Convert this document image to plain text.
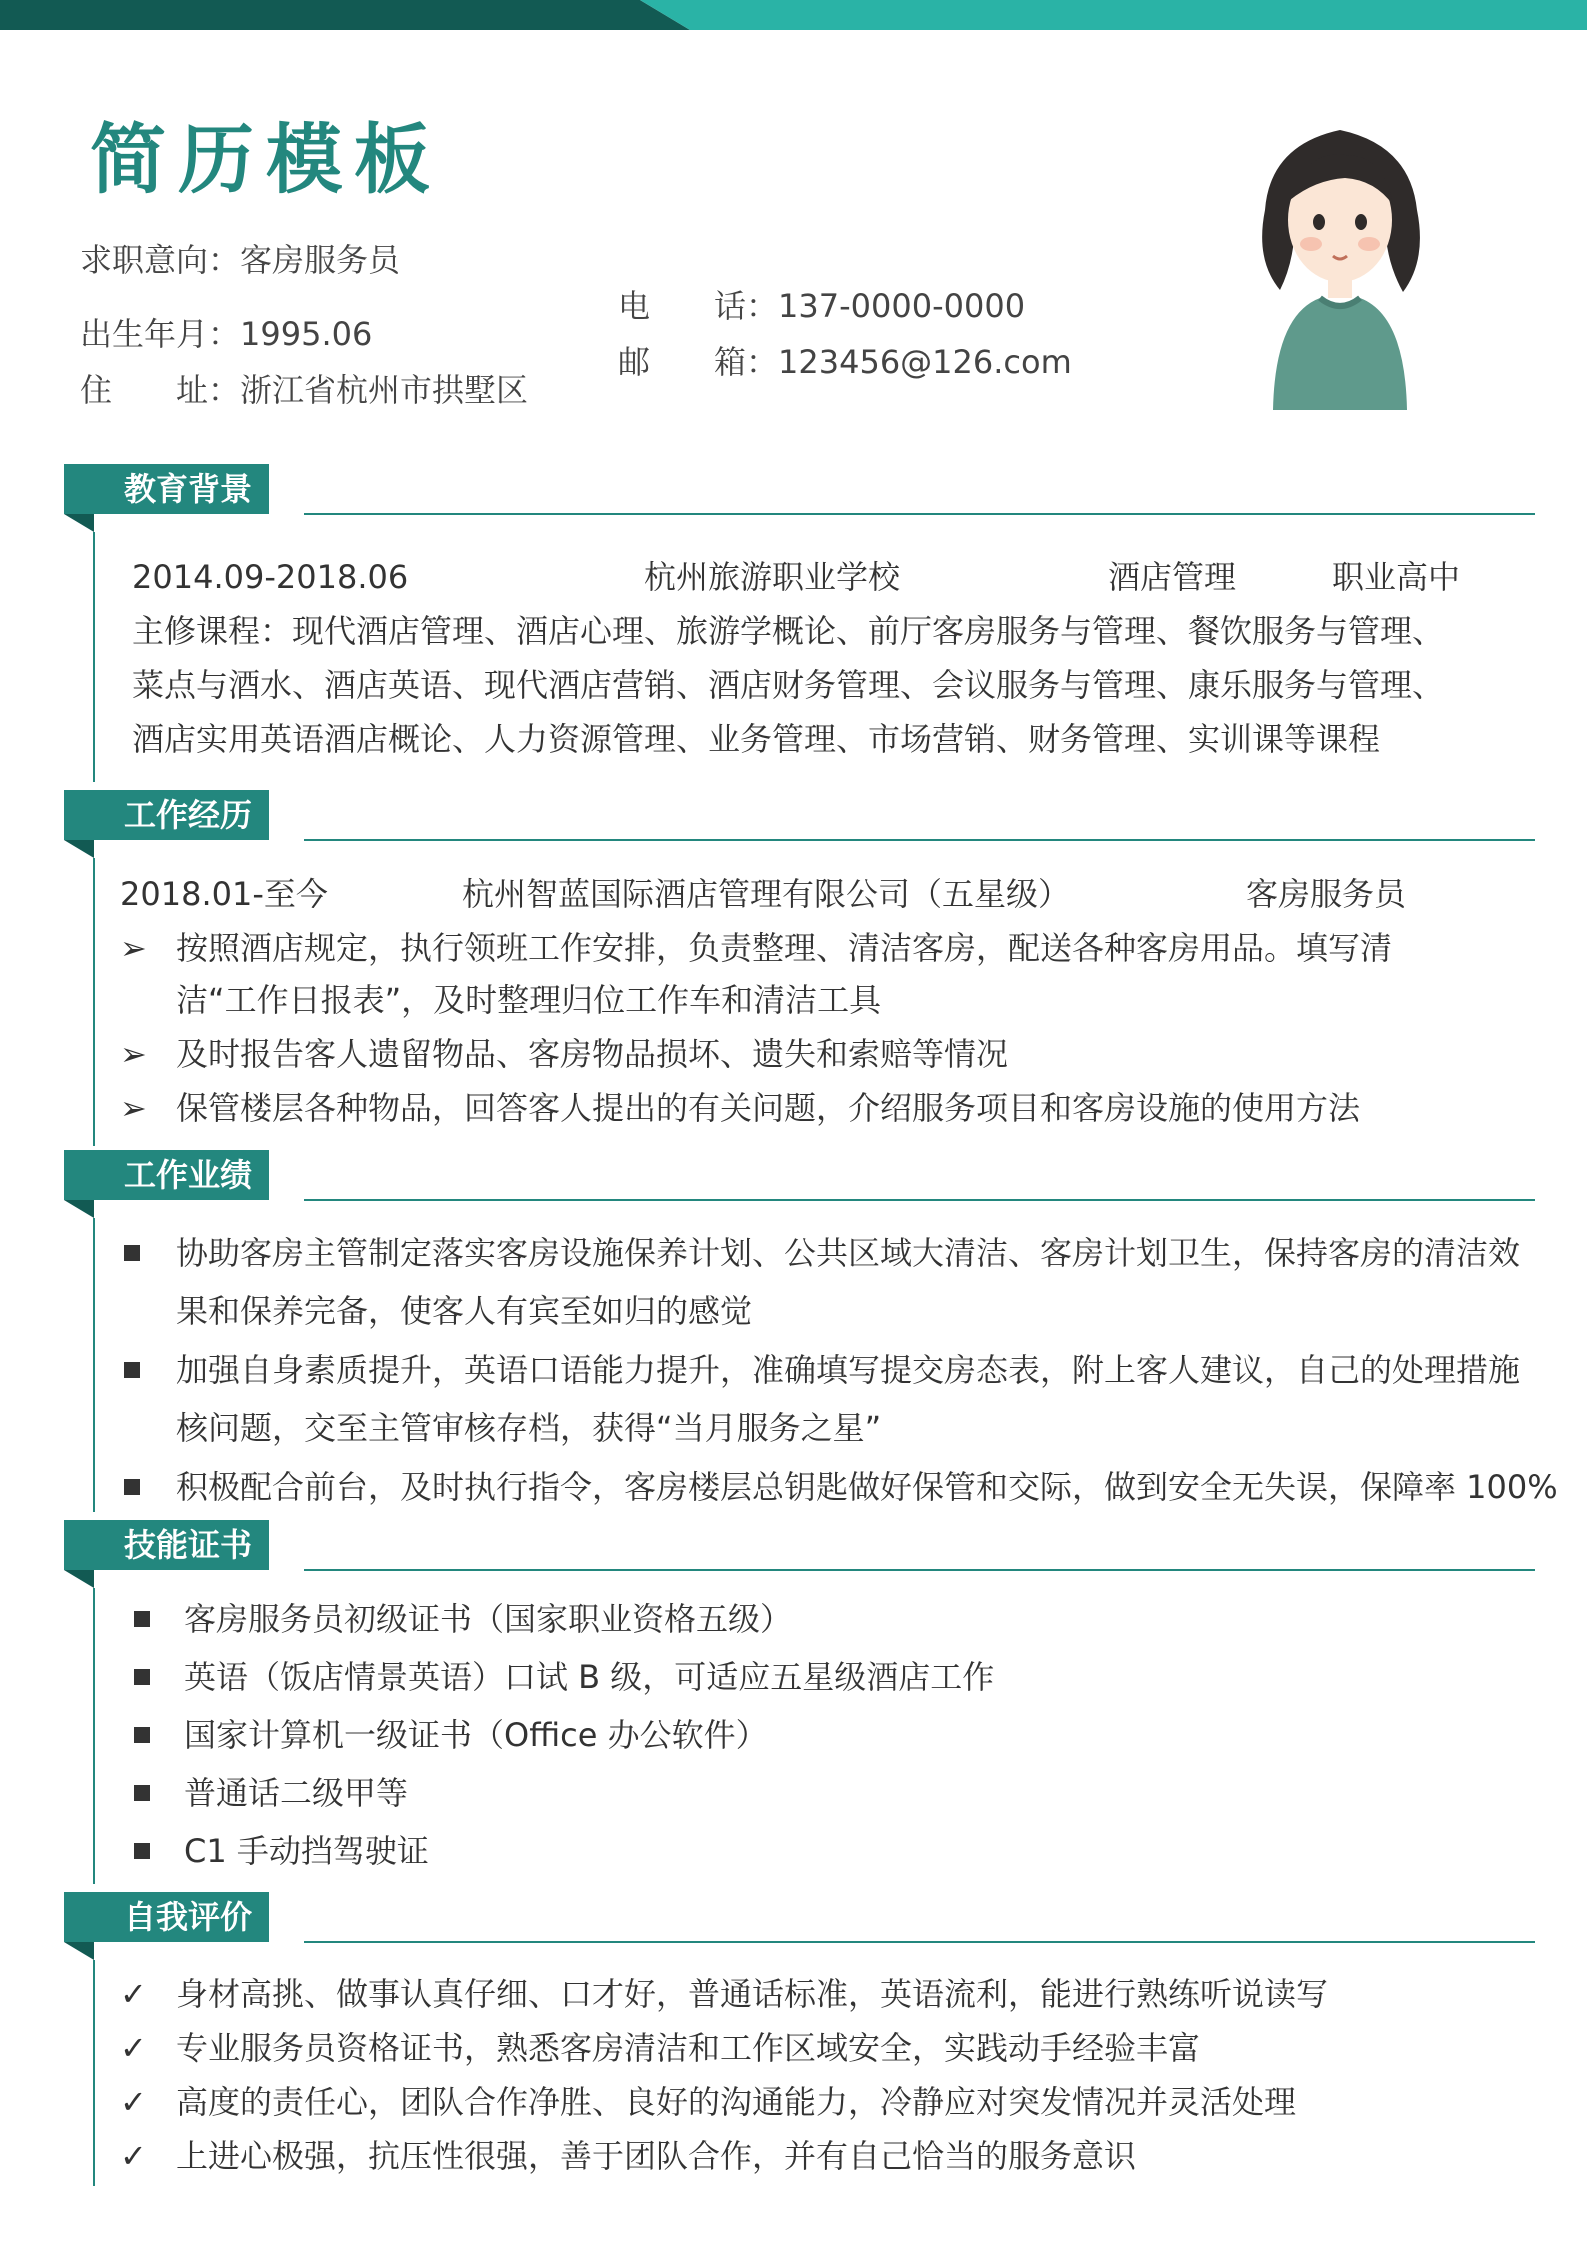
简历模板
求职意向：客房服务员
出生年月：1995.06
住　　址：浙江省杭州市拱墅区
电　　话：137-0000-0000
邮　　箱：123456@126.com
教育背景
2014.09-2018.06	杭州旅游职业学校	酒店管理	职业高中
主修课程：现代酒店管理、酒店心理、旅游学概论、前厅客房服务与管理、餐饮服务与管理、菜点与酒水、酒店英语、现代酒店营销、酒店财务管理、会议服务与管理、康乐服务与管理、酒店实用英语酒店概论、人力资源管理、业务管理、市场营销、财务管理、实训课等课程
工作经历
2018.01-至今	杭州智蓝国际酒店管理有限公司（五星级）	客房服务员
➢ 按照酒店规定，执行领班工作安排，负责整理、清洁客房，配送各种客房用品。填写清洁“工作日报表”，及时整理归位工作车和清洁工具
➢ 及时报告客人遗留物品、客房物品损坏、遗失和索赔等情况
➢ 保管楼层各种物品，回答客人提出的有关问题，介绍服务项目和客房设施的使用方法
工作业绩
协助客房主管制定落实客房设施保养计划、公共区域大清洁、客房计划卫生，保持客房的清洁效果和保养完备，使客人有宾至如归的感觉
加强自身素质提升，英语口语能力提升，准确填写提交房态表，附上客人建议，自己的处理措施核问题，交至主管审核存档，获得“当月服务之星”
积极配合前台，及时执行指令，客房楼层总钥匙做好保管和交际，做到安全无失误，保障率 100%
技能证书
客房服务员初级证书（国家职业资格五级）
英语（饭店情景英语）口试 B 级，可适应五星级酒店工作
国家计算机一级证书（Office 办公软件）
普通话二级甲等
C1 手动挡驾驶证
自我评价
✓ 身材高挑、做事认真仔细、口才好，普通话标准，英语流利，能进行熟练听说读写
✓ 专业服务员资格证书，熟悉客房清洁和工作区域安全，实践动手经验丰富
✓ 高度的责任心，团队合作净胜、良好的沟通能力，冷静应对突发情况并灵活处理
✓ 上进心极强，抗压性很强，善于团队合作，并有自己恰当的服务意识
